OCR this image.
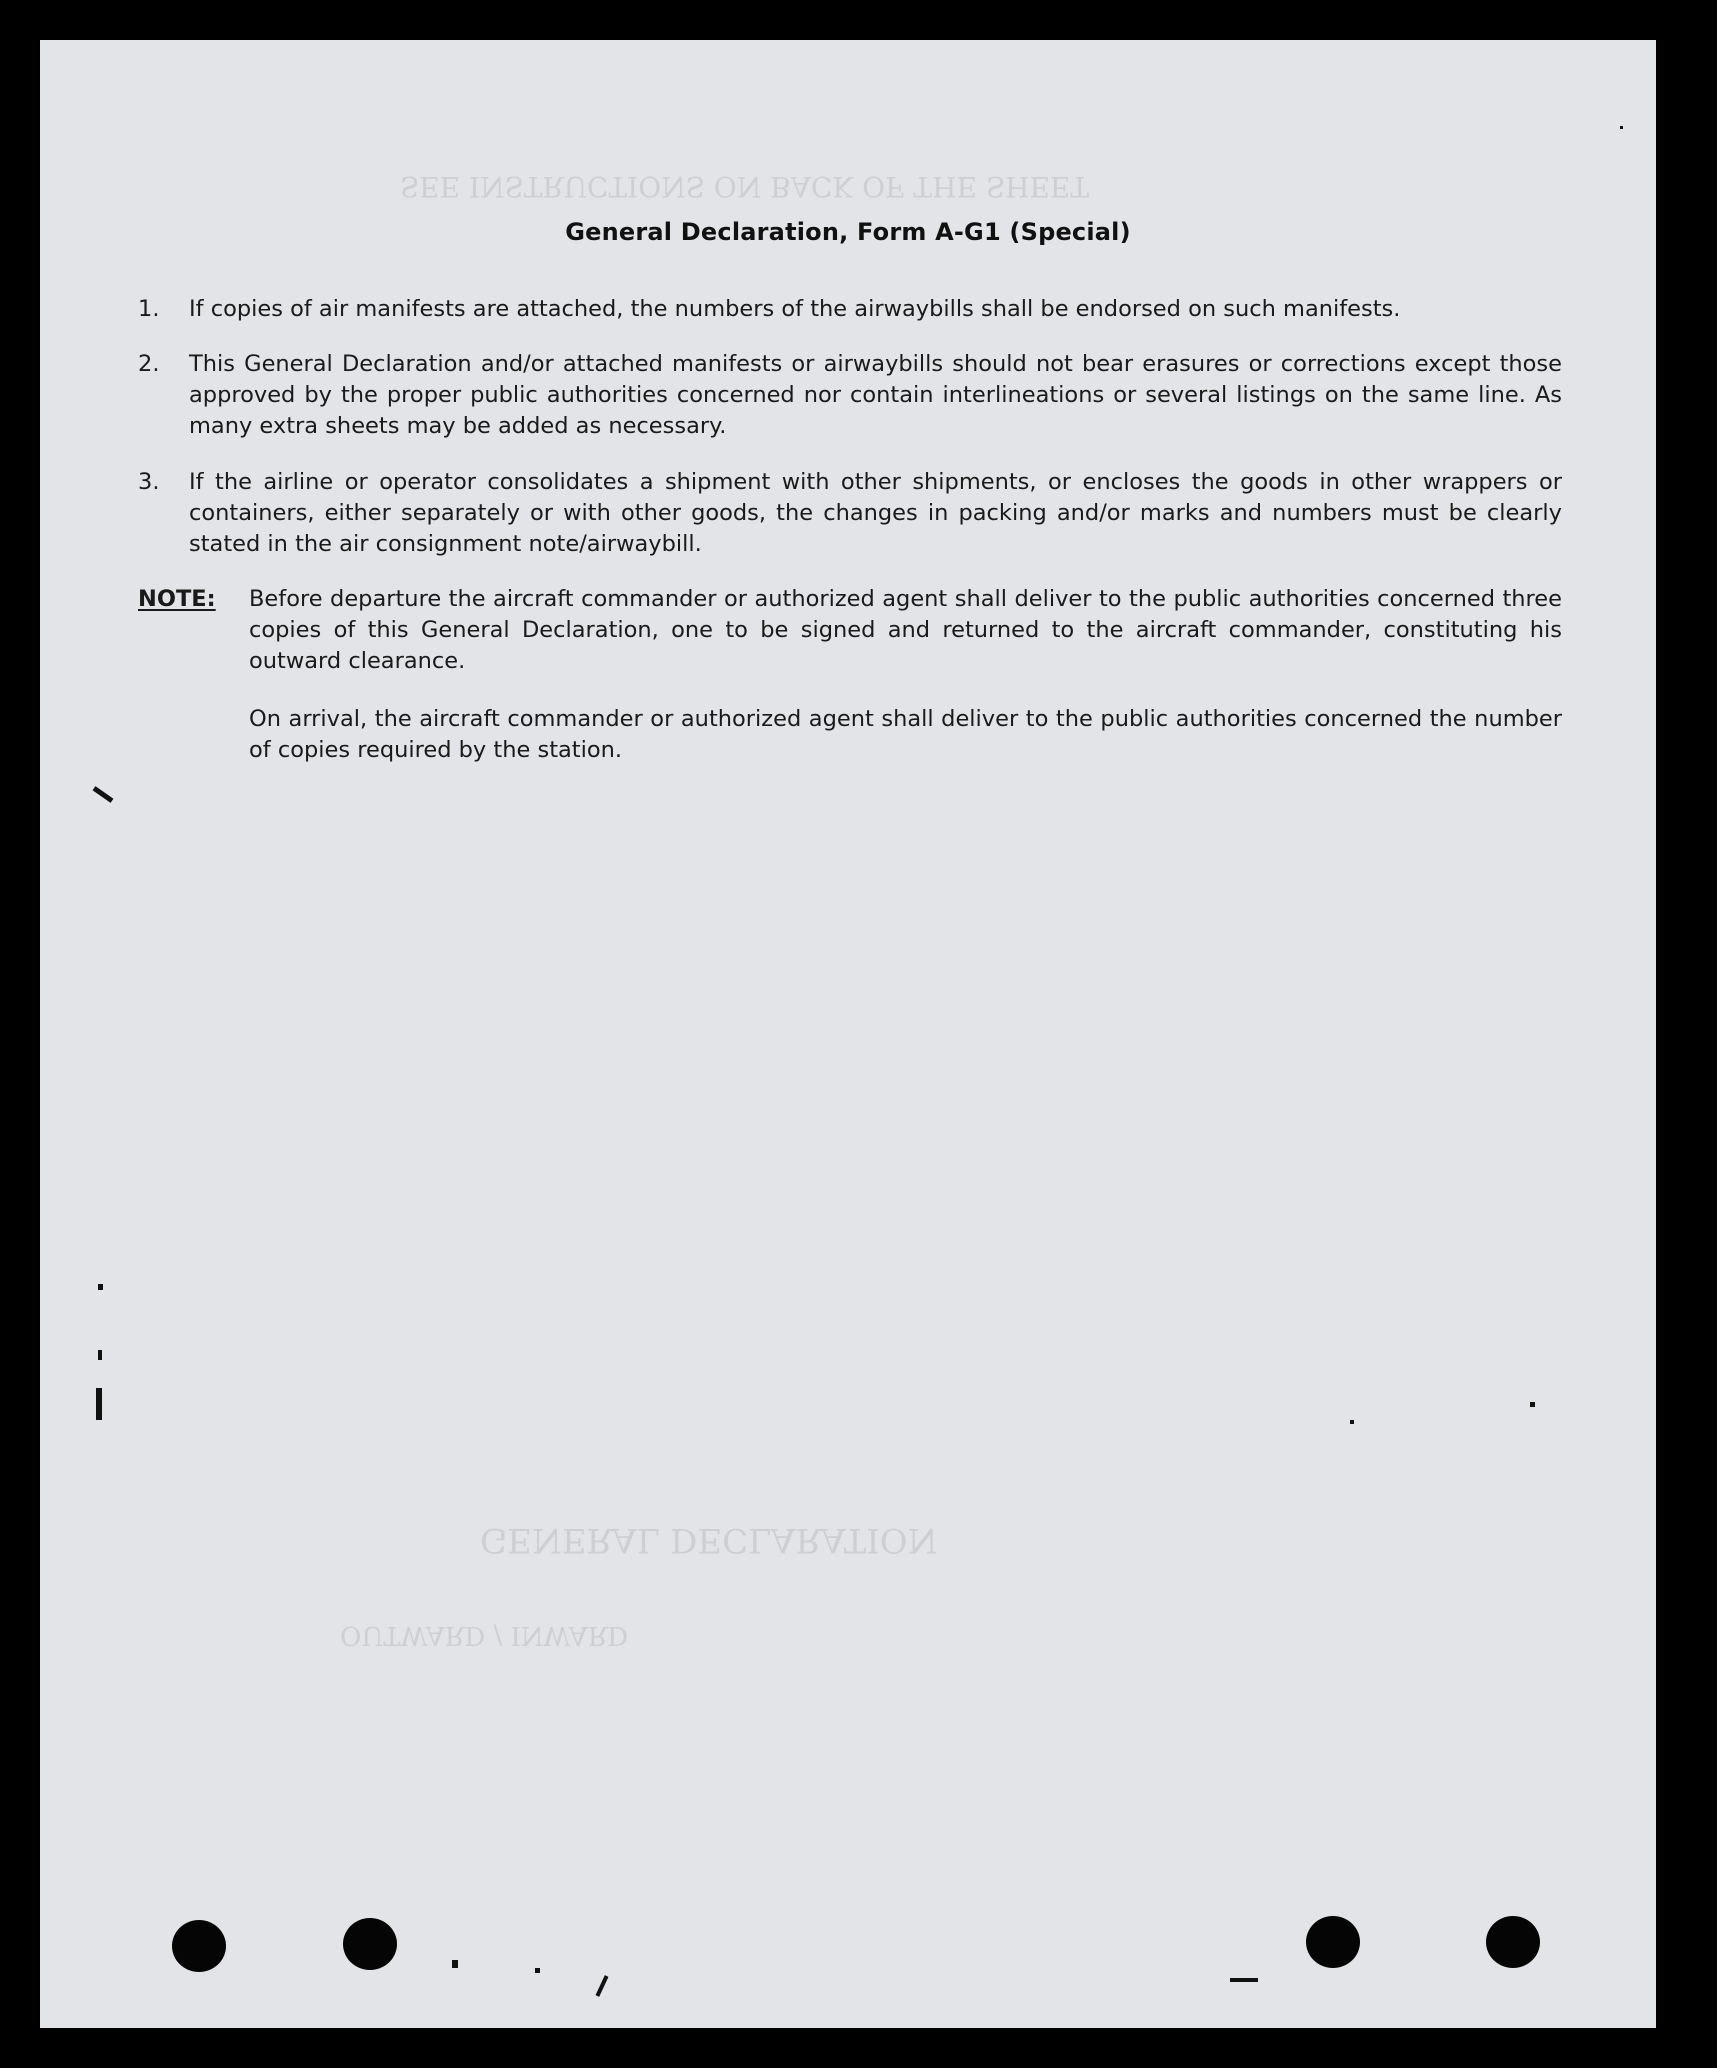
GENERAL DECLARATION
OUTWARD / INWARD
SEE INSTRUCTIONS ON BACK OF THE SHEET
General Declaration, Form A-G1 (Special)
1.	If copies of air manifests are attached, the numbers of the airwaybills shall be endorsed on such manifests.
2.	This General Declaration and/or attached manifests or airwaybills should not bear erasures or corrections except those approved by the proper public authorities concerned nor contain interlineations or several listings on the same line. As many extra sheets may be added as necessary.
3.	If the airline or operator consolidates a shipment with other shipments, or encloses the goods in other wrappers or containers, either separately or with other goods, the changes in packing and/or marks and numbers must be clearly stated in the air consignment note/airwaybill.
NOTE: Before departure the aircraft commander or authorized agent shall deliver to the public authorities concerned three copies of this General Declaration, one to be signed and returned to the aircraft commander, constituting his outward clearance.
On arrival, the aircraft commander or authorized agent shall deliver to the public authorities concerned the number of copies required by the station.
